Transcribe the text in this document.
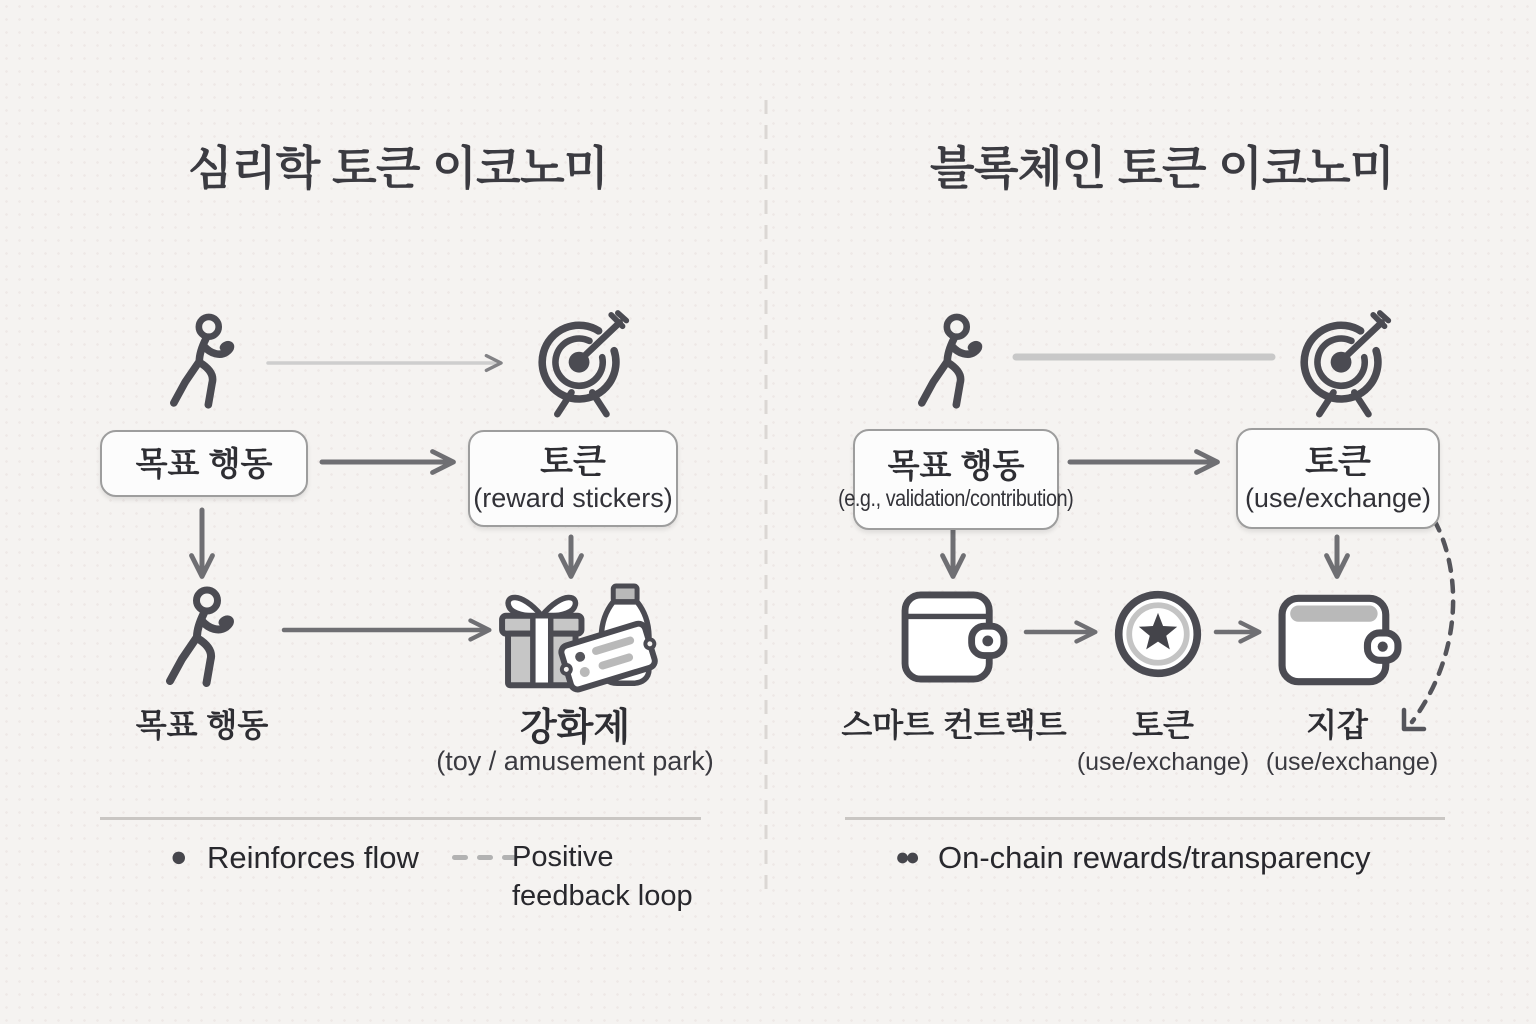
심리학 토큰 이코노미
목표 행동	토큰
(reward stickers)
목표 행동	강화제
(toy / amusement park)
● Reinforces flow	Positive
feedback loop
블록체인 토큰 이코노미
목표 행동
(e.g., validation/contribution)
토큰
(use/exchange)
스마트 컨트랙트	토큰	지갑
(use/exchange) (use/exchange)
●● On-chain rewards/transparency
